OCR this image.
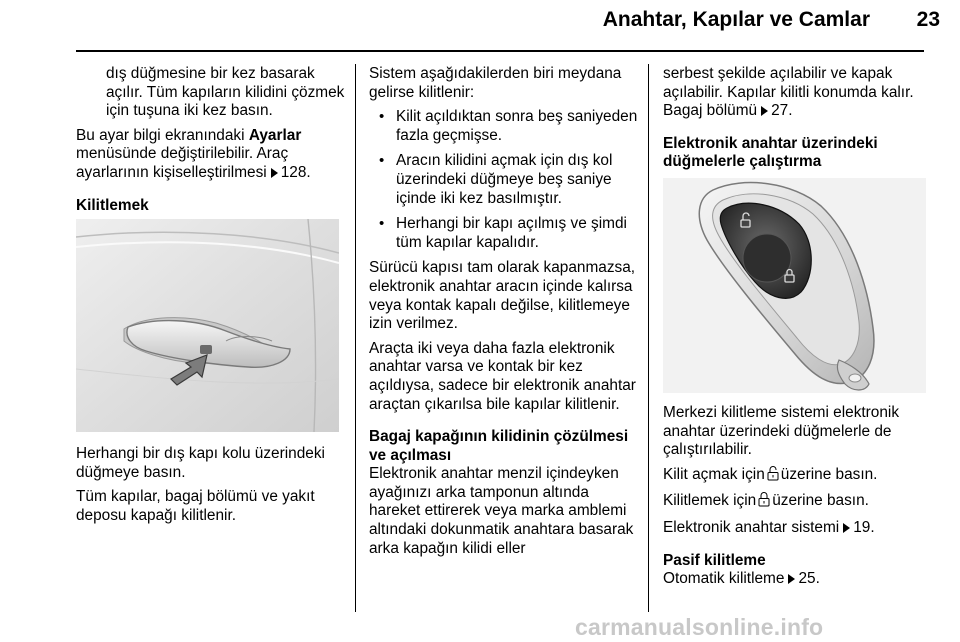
Anahtar, Kapılar ve Camlar	23

dış düğmesine bir kez basarak açılır. Tüm kapıların kilidini çözmek için tuşuna iki kez basın.

Bu ayar bilgi ekranındaki Ayarlar menüsünde değiştirilebilir. Araç ayarlarının kişiselleştirilmesi 128.

Kilitlemek

Herhangi bir dış kapı kolu üzerindeki düğmeye basın.

Tüm kapılar, bagaj bölümü ve yakıt deposu kapağı kilitlenir.

Sistem aşağıdakilerden biri meydana gelirse kilitlenir:

• Kilit açıldıktan sonra beş saniyeden fazla geçmişse.
• Aracın kilidini açmak için dış kol üzerindeki düğmeye beş saniye içinde iki kez basılmıştır.
• Herhangi bir kapı açılmış ve şimdi tüm kapılar kapalıdır.

Sürücü kapısı tam olarak kapanmazsa, elektronik anahtar aracın içinde kalırsa veya kontak kapalı değilse, kilitlemeye izin verilmez.

Araçta iki veya daha fazla elektronik anahtar varsa ve kontak bir kez açıldıysa, sadece bir elektronik anahtar araçtan çıkarılsa bile kapılar kilitlenir.

Bagaj kapağının kilidinin çözülmesi ve açılması

Elektronik anahtar menzil içindeyken ayağınızı arka tamponun altında hareket ettirerek veya marka amblemi altındaki dokunmatik anahtara basarak arka kapağın kilidi eller

serbest şekilde açılabilir ve kapak açılabilir. Kapılar kilitli konumda kalır. Bagaj bölümü 27.

Elektronik anahtar üzerindeki düğmelerle çalıştırma

Merkezi kilitleme sistemi elektronik anahtar üzerindeki düğmelerle de çalıştırılabilir.

Kilit açmak için üzerine basın.

Kilitlemek için üzerine basın.

Elektronik anahtar sistemi 19.

Pasif kilitleme

Otomatik kilitleme 25.

carmanualsonline.info
